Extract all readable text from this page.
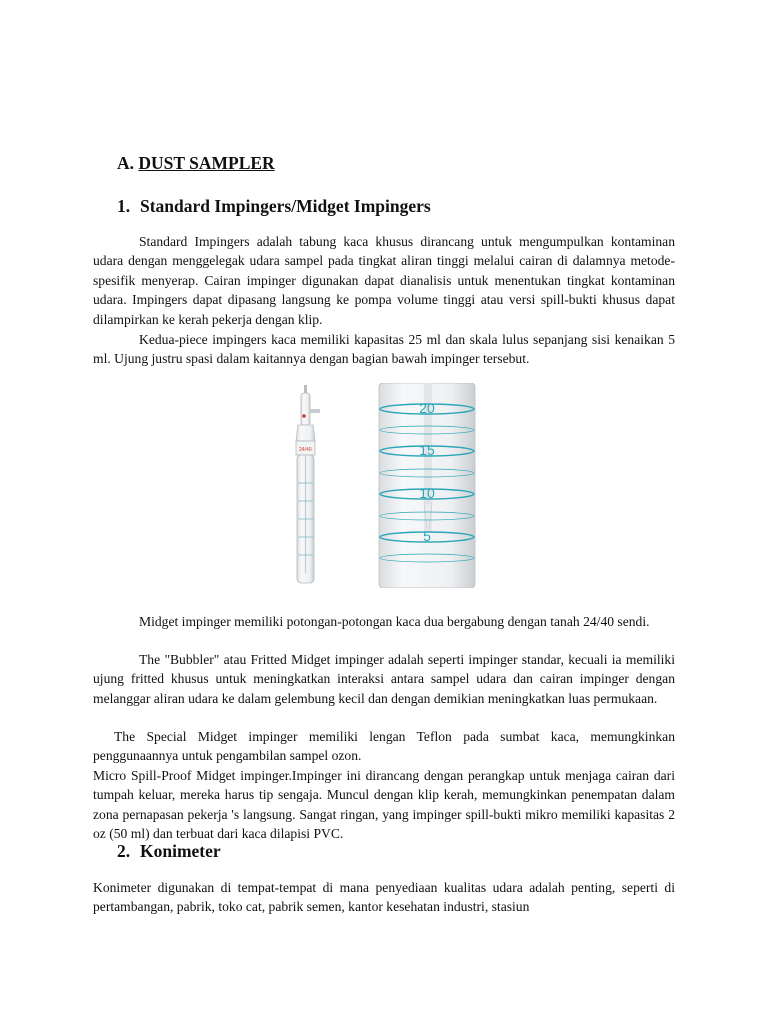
A. DUST SAMPLER
1. Standard Impingers/Midget Impingers

Standard Impingers adalah tabung kaca khusus dirancang untuk mengumpulkan kontaminan udara dengan menggelegak udara sampel pada tingkat aliran tinggi melalui cairan di dalamnya metode-spesifik menyerap. Cairan impinger digunakan dapat dianalisis untuk menentukan tingkat kontaminan udara. Impingers dapat dipasang langsung ke pompa volume tinggi atau versi spill-bukti khusus dapat dilampirkan ke kerah pekerja dengan klip.

Kedua-piece impingers kaca memiliki kapasitas 25 ml dan skala lulus sepanjang sisi kenaikan 5 ml. Ujung justru spasi dalam kaitannya dengan bagian bawah impinger tersebut.

24/40
20
15
10
5

Midget impinger memiliki potongan-potongan kaca dua bergabung dengan tanah 24/40 sendi.

The "Bubbler" atau Fritted Midget impinger adalah seperti impinger standar, kecuali ia memiliki ujung fritted khusus untuk meningkatkan interaksi antara sampel udara dan cairan impinger dengan melanggar aliran udara ke dalam gelembung kecil dan dengan demikian meningkatkan luas permukaan.

The Special Midget impinger memiliki lengan Teflon pada sumbat kaca, memungkinkan penggunaannya untuk pengambilan sampel ozon.

Micro Spill-Proof Midget impinger.Impinger ini dirancang dengan perangkap untuk menjaga cairan dari tumpah keluar, mereka harus tip sengaja. Muncul dengan klip kerah, memungkinkan penempatan dalam zona pernapasan pekerja 's langsung. Sangat ringan, yang impinger spill-bukti mikro memiliki kapasitas 2 oz (50 ml) dan terbuat dari kaca dilapisi PVC.

2. Konimeter

Konimeter digunakan di tempat-tempat di mana penyediaan kualitas udara adalah penting, seperti di pertambangan, pabrik, toko cat, pabrik semen, kantor kesehatan industri, stasiun
